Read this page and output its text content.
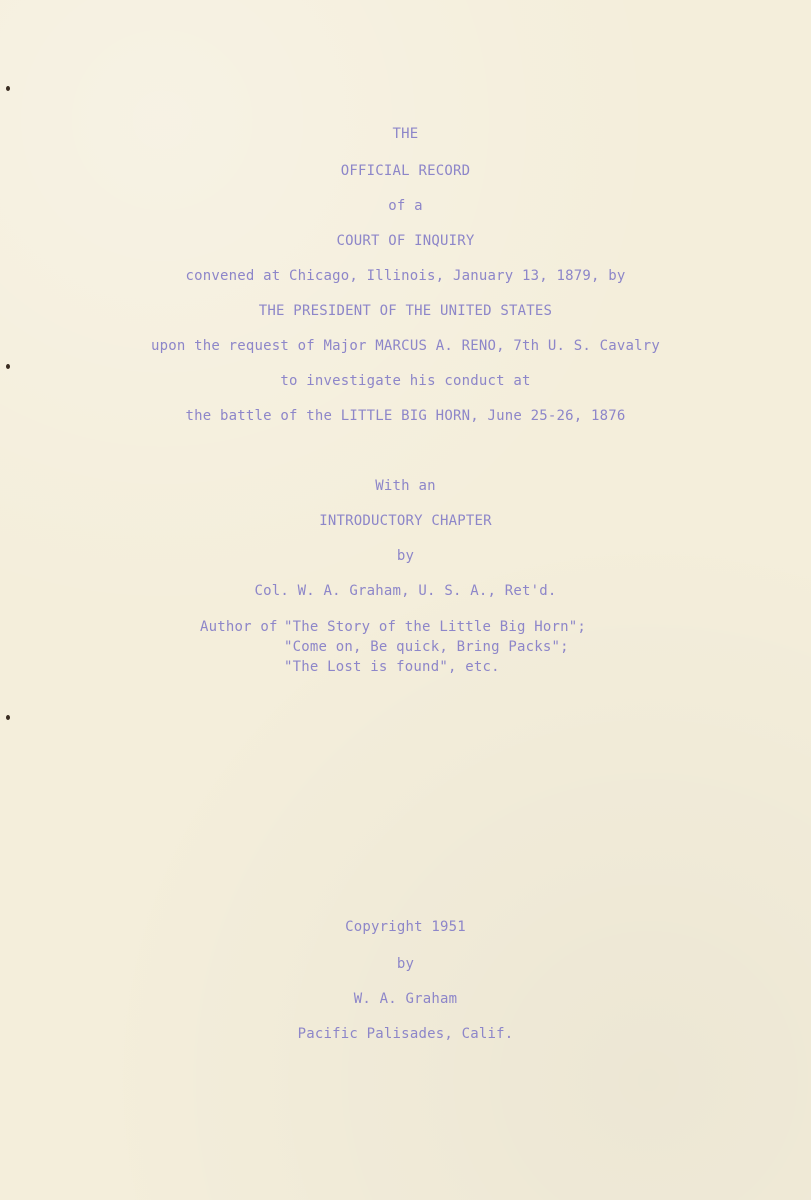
THE
OFFICIAL RECORD
of a
COURT OF INQUIRY
convened at Chicago, Illinois, January 13, 1879, by
THE PRESIDENT OF THE UNITED STATES
upon the request of Major MARCUS A. RENO, 7th U. S. Cavalry
to investigate his conduct at
the battle of the LITTLE BIG HORN, June 25-26, 1876
With an
INTRODUCTORY CHAPTER
by
Col. W. A. Graham, U. S. A., Ret'd.
Author of "The Story of the Little Big Horn";
"Come on, Be quick, Bring Packs";
"The Lost is found", etc.
Copyright 1951
by
W. A. Graham
Pacific Palisades, Calif.
